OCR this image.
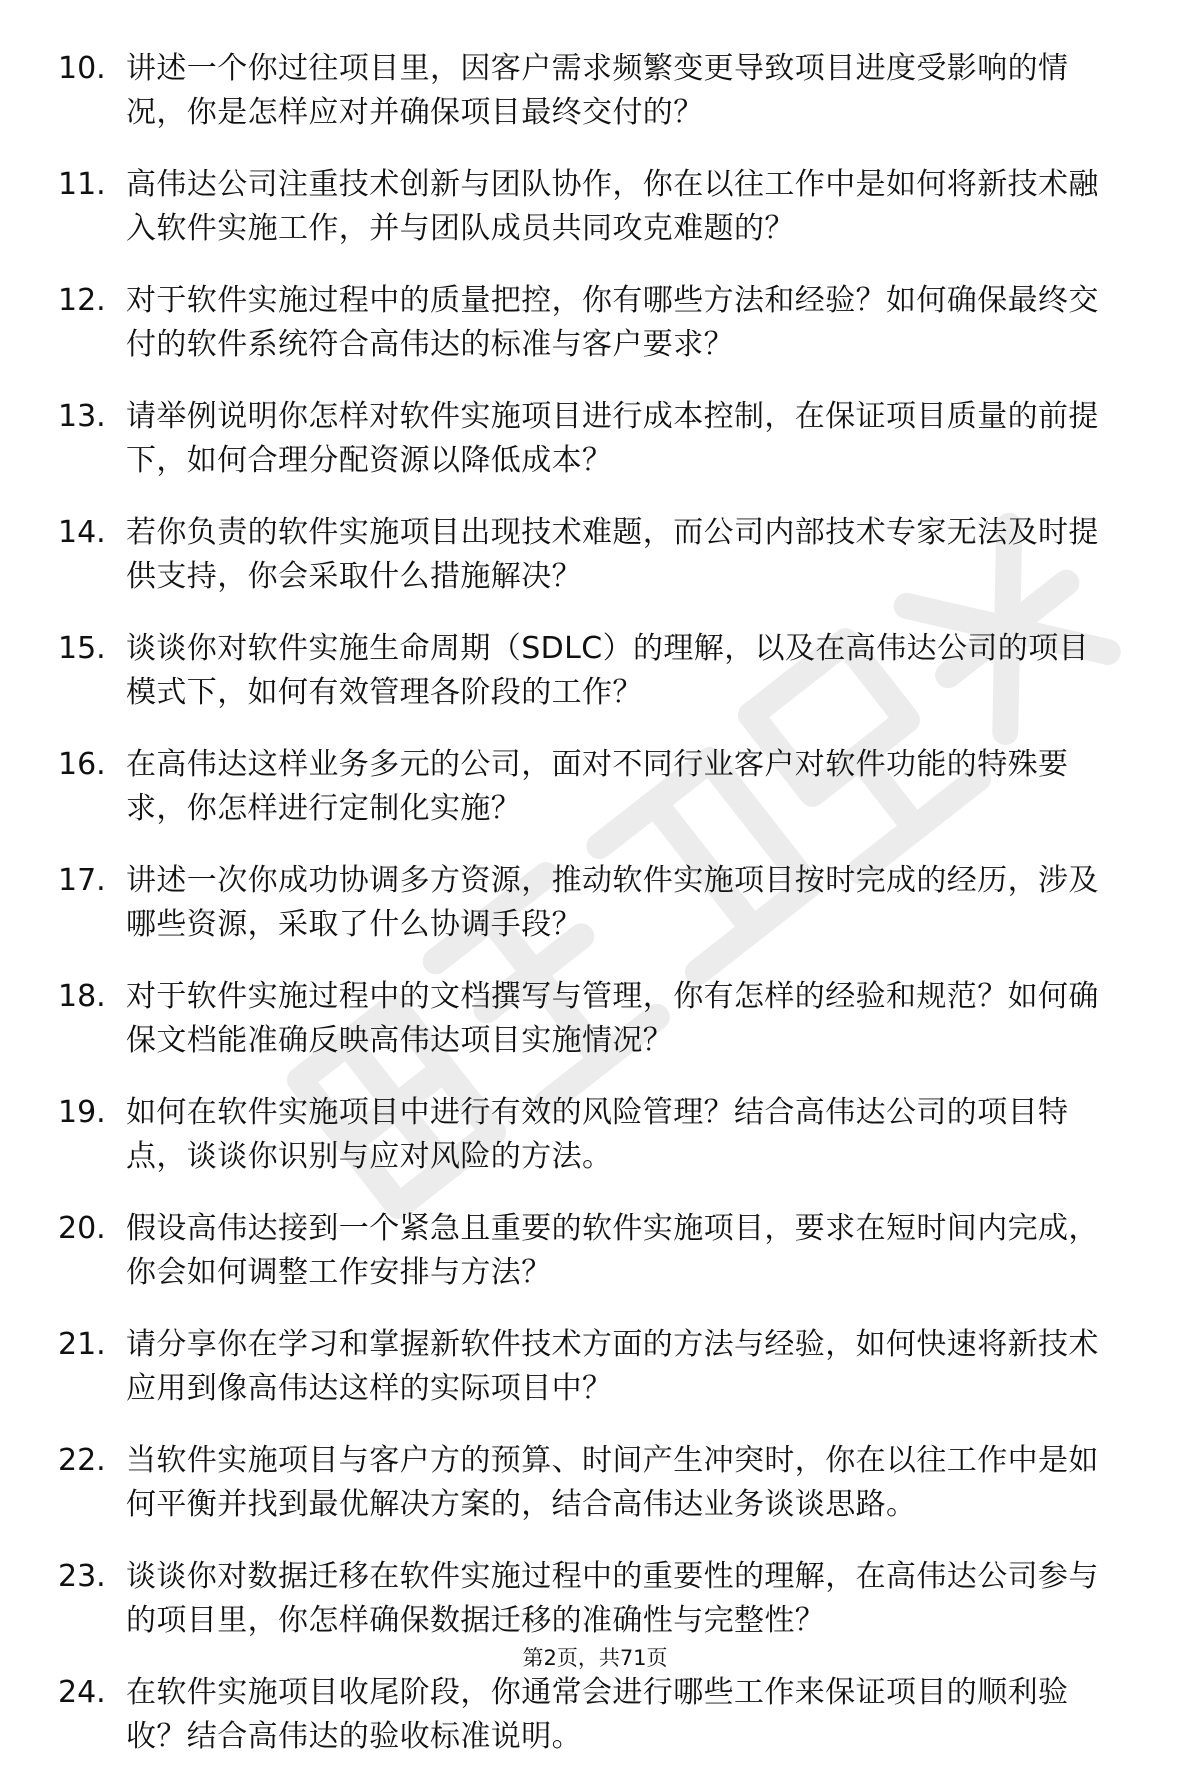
10. 讲述一个你过往项目里，因客户需求频繁变更导致项目进度受影响的情况，你是怎样应对并确保项目最终交付的？
11. 高伟达公司注重技术创新与团队协作，你在以往工作中是如何将新技术融入软件实施工作，并与团队成员共同攻克难题的？
12. 对于软件实施过程中的质量把控，你有哪些方法和经验？如何确保最终交付的软件系统符合高伟达的标准与客户要求？
13. 请举例说明你怎样对软件实施项目进行成本控制，在保证项目质量的前提下，如何合理分配资源以降低成本？
14. 若你负责的软件实施项目出现技术难题，而公司内部技术专家无法及时提供支持，你会采取什么措施解决？
15. 谈谈你对软件实施生命周期（SDLC）的理解，以及在高伟达公司的项目模式下，如何有效管理各阶段的工作？
16. 在高伟达这样业务多元的公司，面对不同行业客户对软件功能的特殊要求，你怎样进行定制化实施？
17. 讲述一次你成功协调多方资源，推动软件实施项目按时完成的经历，涉及哪些资源，采取了什么协调手段？
18. 对于软件实施过程中的文档撰写与管理，你有怎样的经验和规范？如何确保文档能准确反映高伟达项目实施情况？
19. 如何在软件实施项目中进行有效的风险管理？结合高伟达公司的项目特点，谈谈你识别与应对风险的方法。
20. 假设高伟达接到一个紧急且重要的软件实施项目，要求在短时间内完成，你会如何调整工作安排与方法？
21. 请分享你在学习和掌握新软件技术方面的方法与经验，如何快速将新技术应用到像高伟达这样的实际项目中？
22. 当软件实施项目与客户方的预算、时间产生冲突时，你在以往工作中是如何平衡并找到最优解决方案的，结合高伟达业务谈谈思路。
23. 谈谈你对数据迁移在软件实施过程中的重要性的理解，在高伟达公司参与的项目里，你怎样确保数据迁移的准确性与完整性？
24. 在软件实施项目收尾阶段，你通常会进行哪些工作来保证项目的顺利验收？结合高伟达的验收标准说明。
第2页，共71页
